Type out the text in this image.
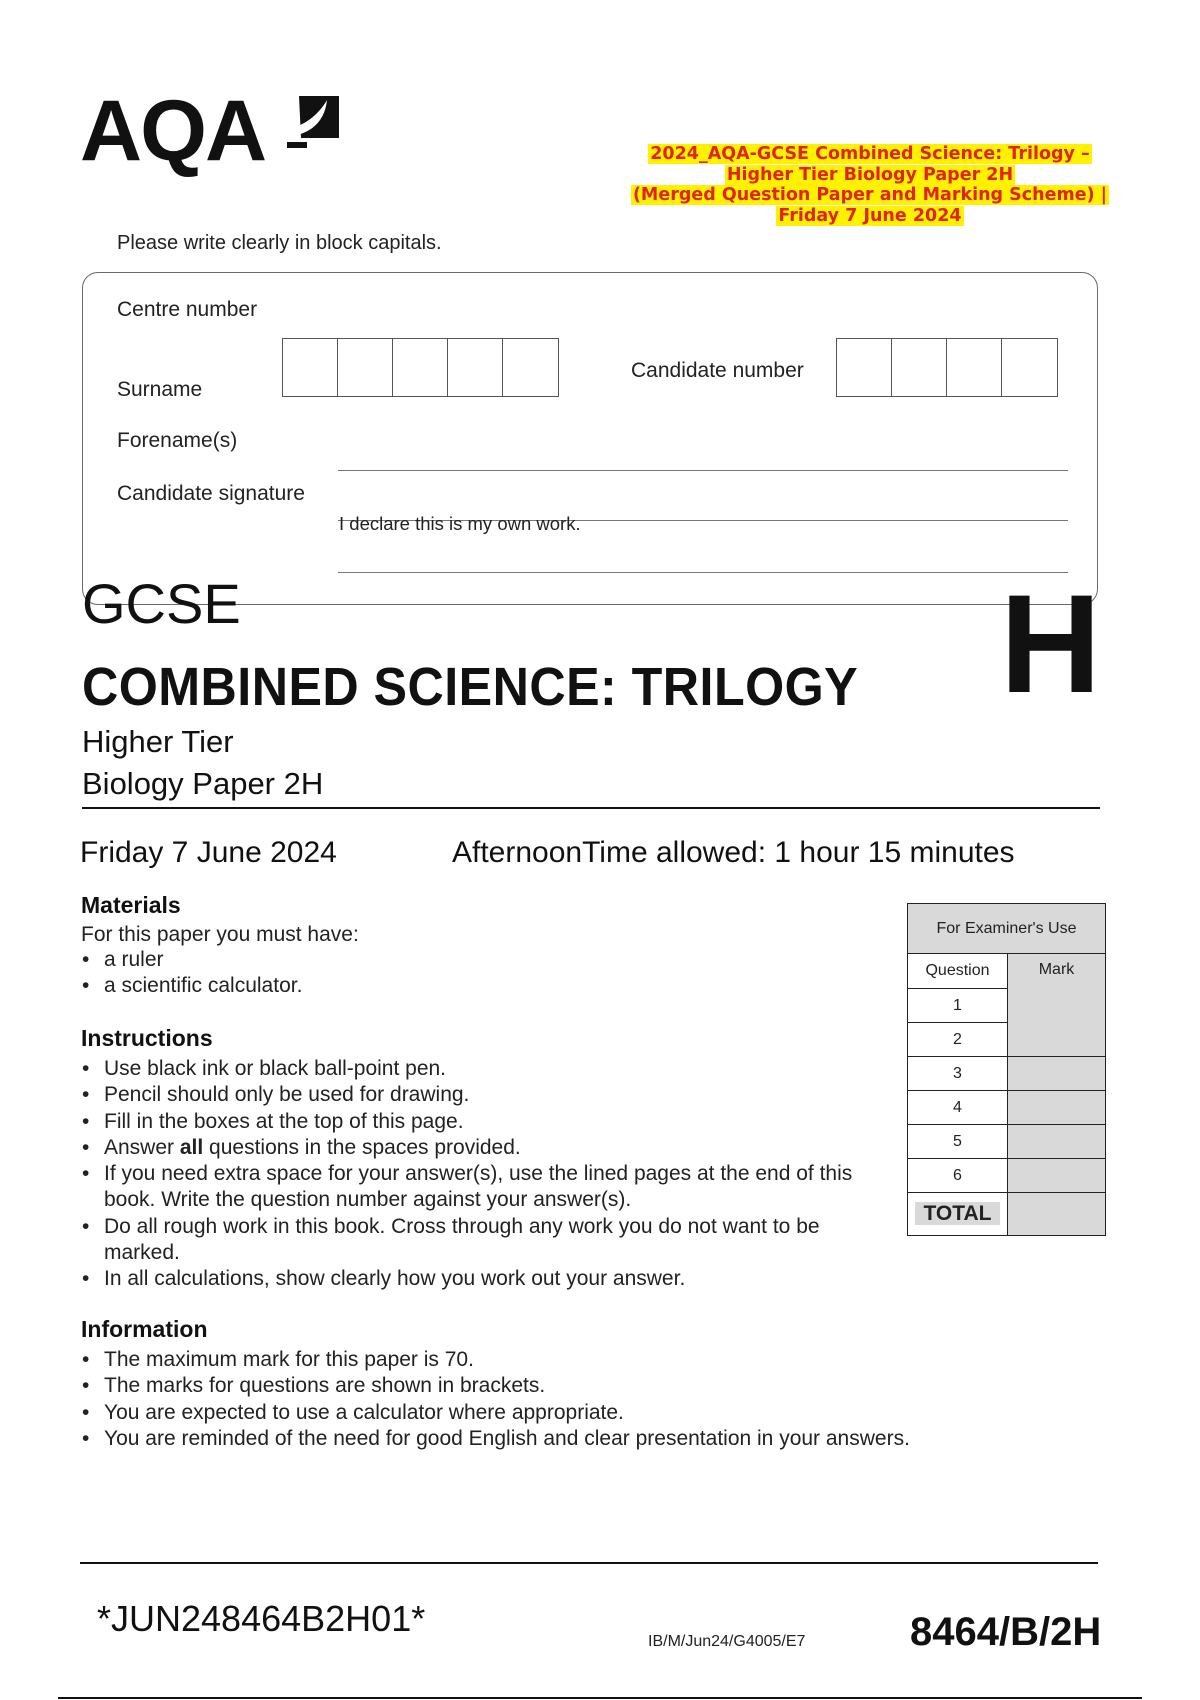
AQA	2024_AQA-GCSE Combined Science: Trilogy –
Higher Tier Biology Paper 2H
(Merged Question Paper and Marking Scheme) |
Friday 7 June 2024
Please write clearly in block capitals.
Centre number
Candidate number
Surname
Forename(s)
Candidate signature
I declare this is my own work.
GCSE	H
COMBINED SCIENCE: TRILOGY
Higher Tier
Biology Paper 2H
Friday 7 June 2024	AfternoonTime allowed: 1 hour 15 minutes
Materials
For this paper you must have:
• a ruler
• a scientific calculator.
Instructions
• Use black ink or black ball-point pen.
• Pencil should only be used for drawing.
• Fill in the boxes at the top of this page.
• Answer all questions in the spaces provided.
• If you need extra space for your answer(s), use the lined pages at the end of this book. Write the question number against your answer(s).
• Do all rough work in this book. Cross through any work you do not want to be marked.
• In all calculations, show clearly how you work out your answer.
Information
• The maximum mark for this paper is 70.
• The marks for questions are shown in brackets.
• You are expected to use a calculator where appropriate.
• You are reminded of the need for good English and clear presentation in your answers.
For Examiner's Use	
Question	Mark
1	
2	
3	
4	
5	
6	
TOTAL	
*JUN248464B2H01*
IB/M/Jun24/G4005/E7	8464/B/2H
